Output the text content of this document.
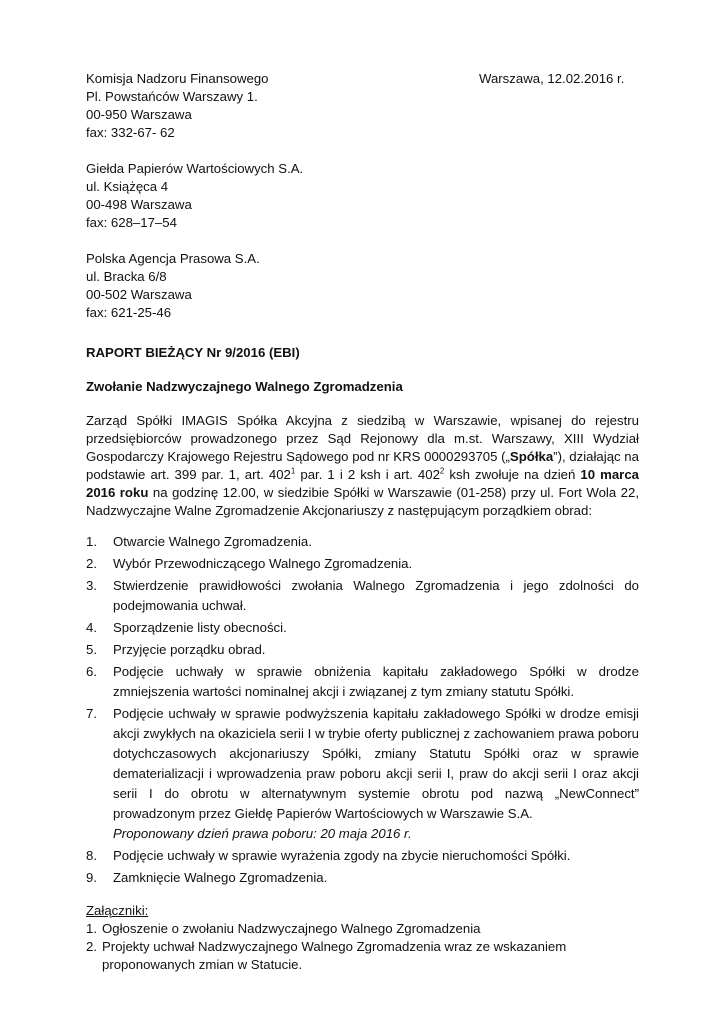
Warszawa, 12.02.2016 r.
Komisja Nadzoru Finansowego
Pl. Powstańców Warszawy 1.
00-950 Warszawa
fax: 332-67- 62
Giełda Papierów Wartościowych S.A.
ul. Książęca 4
00-498 Warszawa
fax: 628–17–54
Polska Agencja Prasowa S.A.
ul. Bracka 6/8
00-502 Warszawa
fax: 621-25-46
RAPORT BIEŻĄCY Nr 9/2016 (EBI)
Zwołanie Nadzwyczajnego Walnego Zgromadzenia
Zarząd Spółki IMAGIS Spółka Akcyjna z siedzibą w Warszawie, wpisanej do rejestru przedsiębiorców prowadzonego przez Sąd Rejonowy dla m.st. Warszawy, XIII Wydział Gospodarczy Krajowego Rejestru Sądowego pod nr KRS 0000293705 („Spółka”), działając na podstawie art. 399 par. 1, art. $402^1$ par. 1 i 2 ksh i art. $402^2$ ksh zwołuje na dzień 10 marca 2016 roku na godzinę 12.00, w siedzibie Spółki w Warszawie (01-258) przy ul. Fort Wola 22, Nadzwyczajne Walne Zgromadzenie Akcjonariuszy z następującym porządkiem obrad:
1.	Otwarcie Walnego Zgromadzenia.
2.	Wybór Przewodniczącego Walnego Zgromadzenia.
3.	Stwierdzenie prawidłowości zwołania Walnego Zgromadzenia i jego zdolności do podejmowania uchwał.
4.	Sporządzenie listy obecności.
5.	Przyjęcie porządku obrad.
6.	Podjęcie uchwały w sprawie obniżenia kapitału zakładowego Spółki w drodze zmniejszenia wartości nominalnej akcji i związanej z tym zmiany statutu Spółki.
7.	Podjęcie uchwały w sprawie podwyższenia kapitału zakładowego Spółki w drodze emisji akcji zwykłych na okaziciela serii I w trybie oferty publicznej z zachowaniem prawa poboru dotychczasowych akcjonariuszy Spółki, zmiany Statutu Spółki oraz w sprawie dematerializacji i wprowadzenia praw poboru akcji serii I, praw do akcji serii I oraz akcji serii I do obrotu w alternatywnym systemie obrotu pod nazwą „NewConnect” prowadzonym przez Giełdę Papierów Wartościowych w Warszawie S.A.
Proponowany dzień prawa poboru: 20 maja 2016 r.
8.	Podjęcie uchwały w sprawie wyrażenia zgody na zbycie nieruchomości Spółki.
9.	Zamknięcie Walnego Zgromadzenia.
Załączniki:
1. Ogłoszenie o zwołaniu Nadzwyczajnego Walnego Zgromadzenia
2. Projekty uchwał Nadzwyczajnego Walnego Zgromadzenia wraz ze wskazaniem proponowanych zmian w Statucie.
